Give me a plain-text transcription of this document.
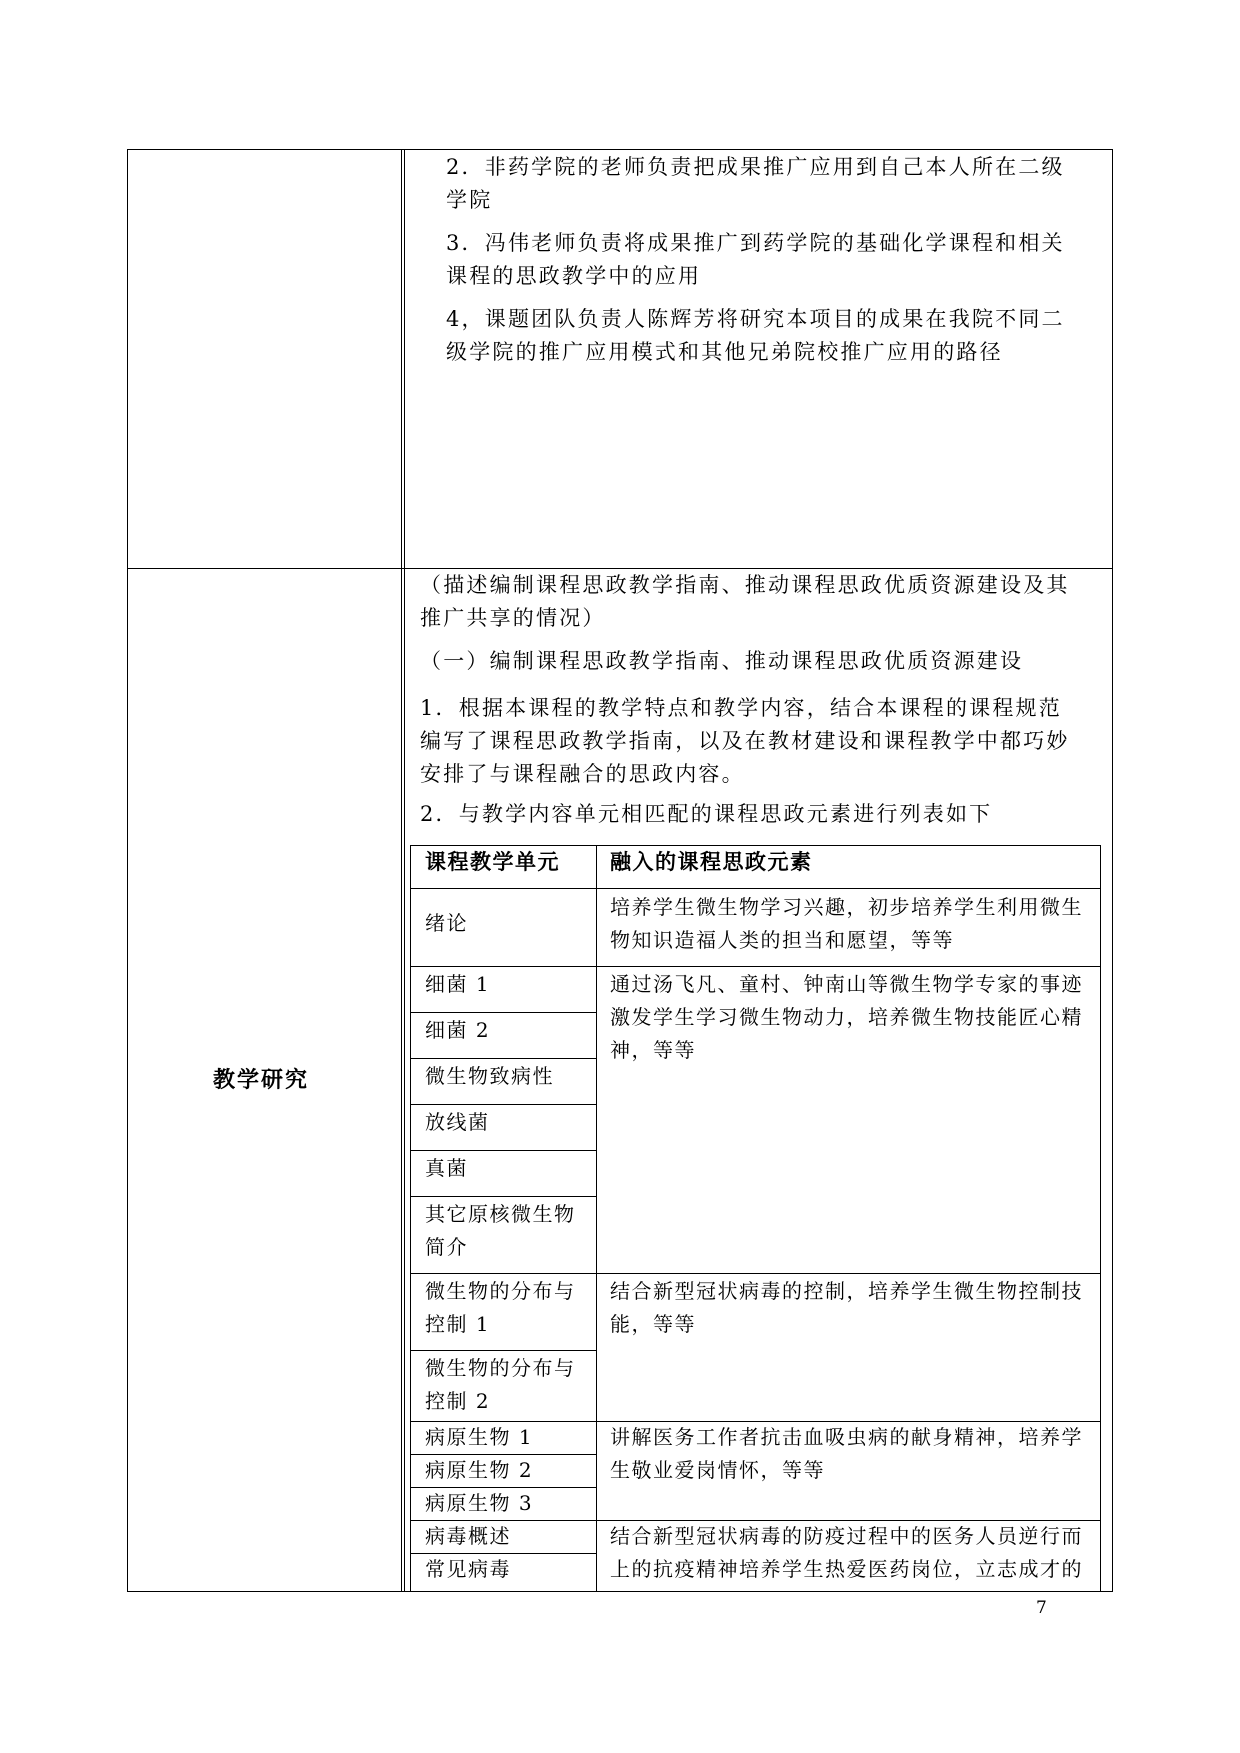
2．非药学院的老师负责把成果推广应用到自己本人所在二级
学院
3．冯伟老师负责将成果推广到药学院的基础化学课程和相关
课程的思政教学中的应用
4，课题团队负责人陈辉芳将研究本项目的成果在我院不同二
级学院的推广应用模式和其他兄弟院校推广应用的路径
教学研究
（描述编制课程思政教学指南、推动课程思政优质资源建设及其
推广共享的情况）
（一）编制课程思政教学指南、推动课程思政优质资源建设
1．根据本课程的教学特点和教学内容，结合本课程的课程规范
编写了课程思政教学指南，以及在教材建设和课程教学中都巧妙
安排了与课程融合的思政内容。
2．与教学内容单元相匹配的课程思政元素进行列表如下
课程教学单元	融入的课程思政元素
绪论
培养学生微生物学习兴趣，初步培养学生利用微生
物知识造福人类的担当和愿望，等等
细菌 1
细菌 2
微生物致病性
放线菌
真菌
其它原核微生物
简介
通过汤飞凡、童村、钟南山等微生物学专家的事迹
激发学生学习微生物动力，培养微生物技能匠心精
神，等等
微生物的分布与
控制 1
微生物的分布与
控制 2
结合新型冠状病毒的控制，培养学生微生物控制技
能，等等
病原生物 1
病原生物 2
病原生物 3
讲解医务工作者抗击血吸虫病的献身精神，培养学
生敬业爱岗情怀，等等
病毒概述
常见病毒
结合新型冠状病毒的防疫过程中的医务人员逆行而
上的抗疫精神培养学生热爱医药岗位，立志成才的
7
